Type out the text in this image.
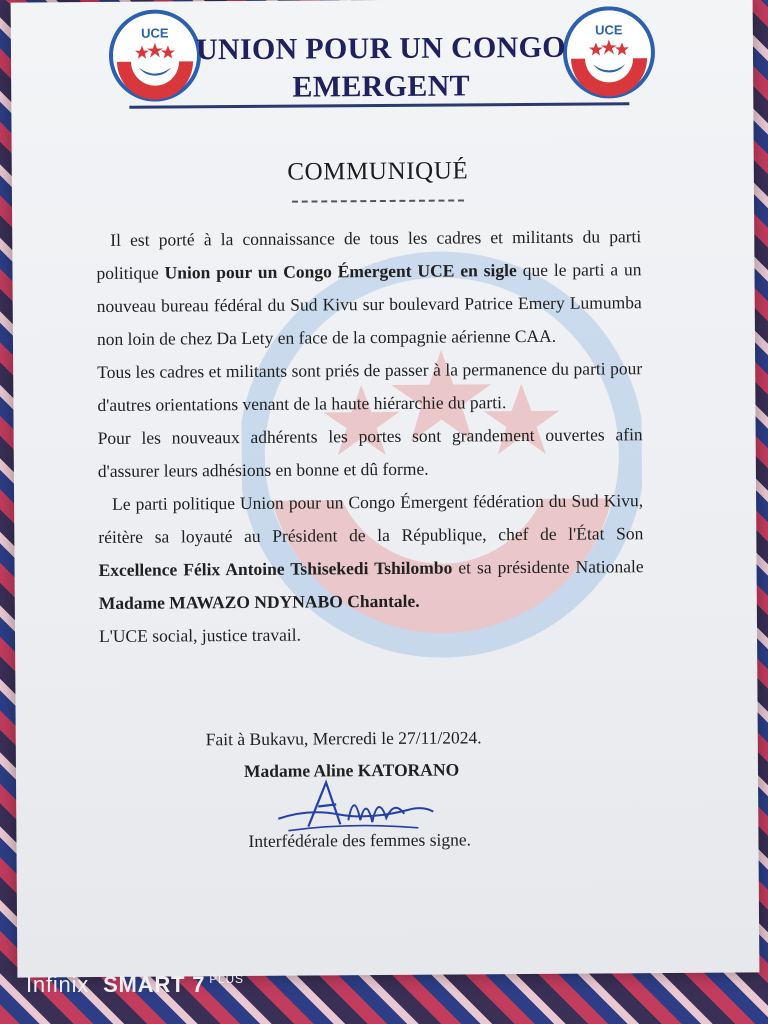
UCE	UCE
UNION POUR UN CONGO EMERGENT
COMMUNIQUÉ

Il est porté à la connaissance de tous les cadres et militants du parti politique Union pour un Congo Émergent UCE en sigle que le parti a un nouveau bureau fédéral du Sud Kivu sur boulevard Patrice Emery Lumumba non loin de chez Da Lety en face de la compagnie aérienne CAA.

Tous les cadres et militants sont priés de passer à la permanence du parti pour d'autres orientations venant de la haute hiérarchie du parti.

Pour les nouveaux adhérents les portes sont grandement ouvertes afin d'assurer leurs adhésions en bonne et dû forme.

Le parti politique Union pour un Congo Émergent fédération du Sud Kivu, réitère sa loyauté au Président de la République, chef de l'État Son Excellence Félix Antoine Tshisekedi Tshilombo et sa présidente Nationale Madame MAWAZO NDYNABO Chantale.

L'UCE social, justice travail.

Fait à Bukavu, Mercredi le 27/11/2024.
Madame Aline KATORANO
Interfédérale des femmes signe.
Infinix SMART 7 $^{PLUS}$
